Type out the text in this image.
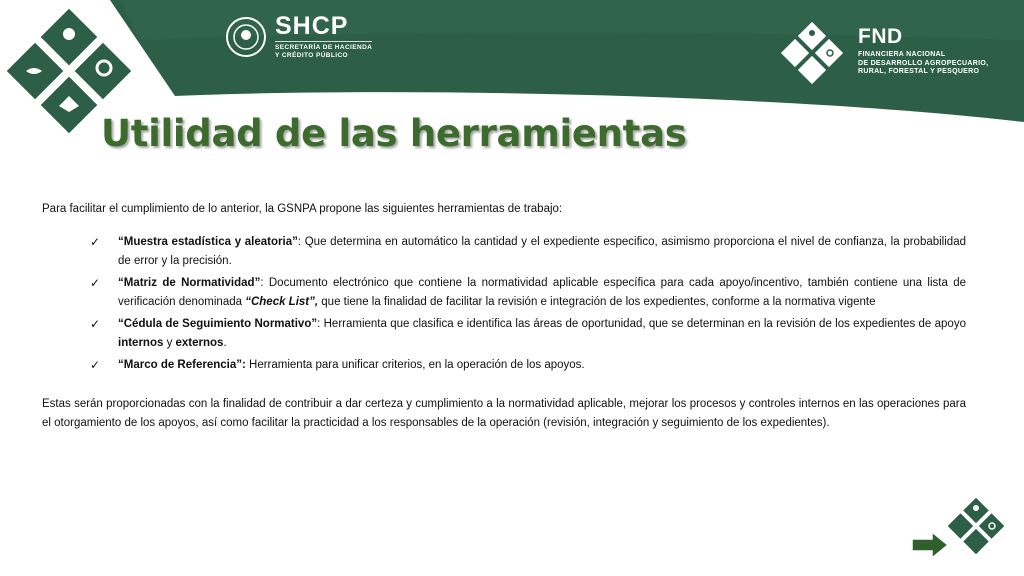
SHCP
SECRETARÍA DE HACIENDA
Y CRÉDITO PÚBLICO
FND
FINANCIERA NACIONAL
DE DESARROLLO AGROPECUARIO,
RURAL, FORESTAL Y PESQUERO
Utilidad de las herramientas

Para facilitar el cumplimiento de lo anterior, la GSNPA propone las siguientes herramientas de trabajo:

✓ “Muestra estadística y aleatoria”: Que determina en automático la cantidad y el expediente especifico, asimismo proporciona el nivel de confianza, la probabilidad de error y la precisión.
✓ “Matriz de Normatividad”: Documento electrónico que contiene la normatividad aplicable específica para cada apoyo/incentivo, también contiene una lista de verificación denominada “Check List”, que tiene la finalidad de facilitar la revisión e integración de los expedientes, conforme a la normativa vigente
✓ “Cédula de Seguimiento Normativo”: Herramienta que clasifica e identifica las áreas de oportunidad, que se determinan en la revisión de los expedientes de apoyo internos y externos.
✓ “Marco de Referencia”: Herramienta para unificar criterios, en la operación de los apoyos.

Estas serán proporcionadas con la finalidad de contribuir a dar certeza y cumplimiento a la normatividad aplicable, mejorar los procesos y controles internos en las operaciones para el otorgamiento de los apoyos, así como facilitar la practicidad a los responsables de la operación (revisión, integración y seguimiento de los expedientes).
